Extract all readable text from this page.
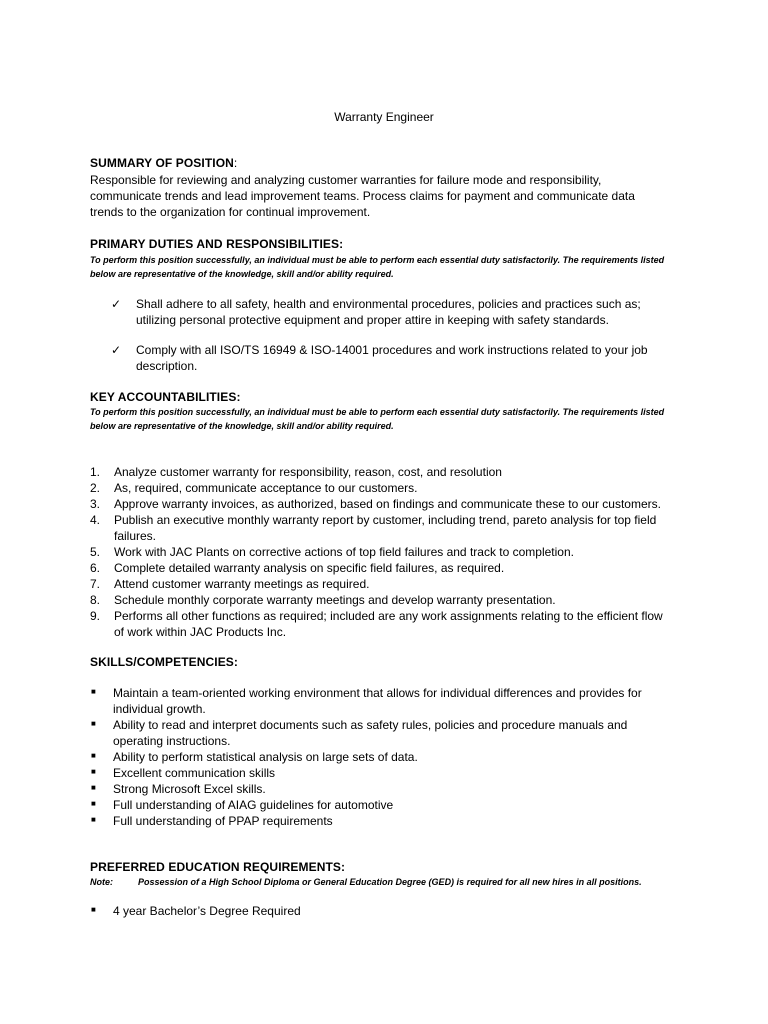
Warranty Engineer
SUMMARY OF POSITION:
Responsible for reviewing and analyzing customer warranties for failure mode and responsibility, communicate trends and lead improvement teams. Process claims for payment and communicate data trends to the organization for continual improvement.
PRIMARY DUTIES AND RESPONSIBILITIES:
To perform this position successfully, an individual must be able to perform each essential duty satisfactorily. The requirements listed below are representative of the knowledge, skill and/or ability required.
✓ Shall adhere to all safety, health and environmental procedures, policies and practices such as; utilizing personal protective equipment and proper attire in keeping with safety standards.
✓ Comply with all ISO/TS 16949 & ISO-14001 procedures and work instructions related to your job description.
KEY ACCOUNTABILITIES:
To perform this position successfully, an individual must be able to perform each essential duty satisfactorily. The requirements listed below are representative of the knowledge, skill and/or ability required.
1. Analyze customer warranty for responsibility, reason, cost, and resolution
2. As, required, communicate acceptance to our customers.
3. Approve warranty invoices, as authorized, based on findings and communicate these to our customers.
4. Publish an executive monthly warranty report by customer, including trend, pareto analysis for top field failures.
5. Work with JAC Plants on corrective actions of top field failures and track to completion.
6. Complete detailed warranty analysis on specific field failures, as required.
7. Attend customer warranty meetings as required.
8. Schedule monthly corporate warranty meetings and develop warranty presentation.
9. Performs all other functions as required; included are any work assignments relating to the efficient flow of work within JAC Products Inc.
SKILLS/COMPETENCIES:
■ Maintain a team-oriented working environment that allows for individual differences and provides for individual growth.
■ Ability to read and interpret documents such as safety rules, policies and procedure manuals and operating instructions.
■ Ability to perform statistical analysis on large sets of data.
■ Excellent communication skills
■ Strong Microsoft Excel skills.
■ Full understanding of AIAG guidelines for automotive
■ Full understanding of PPAP requirements
PREFERRED EDUCATION REQUIREMENTS:
Note:	Possession of a High School Diploma or General Education Degree (GED) is required for all new hires in all positions.
■ 4 year Bachelor’s Degree Required
